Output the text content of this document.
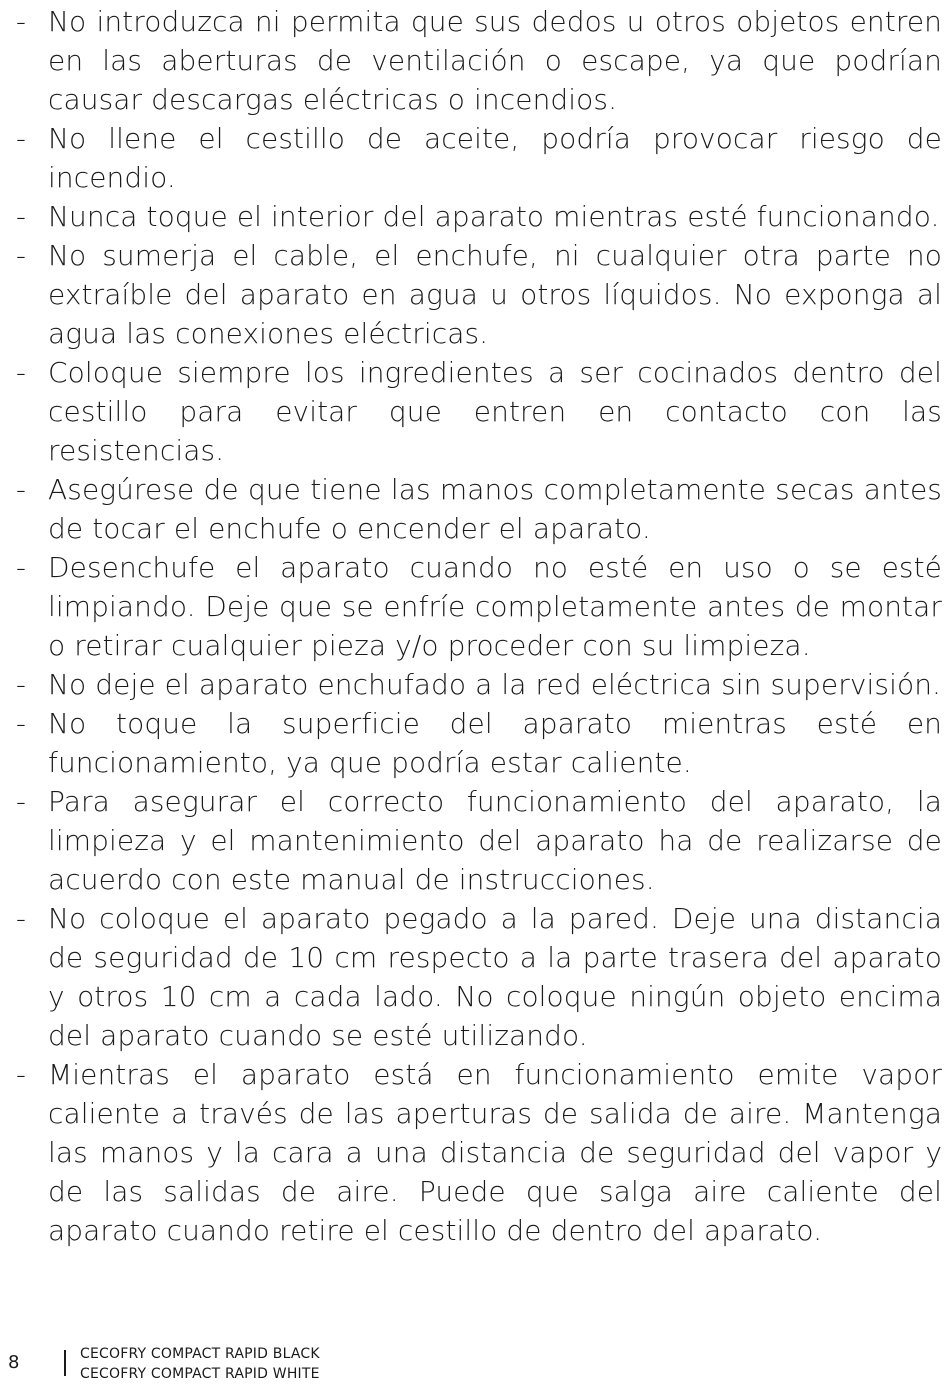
- No introduzca ni permita que sus dedos u otros objetos entren en las aberturas de ventilación o escape, ya que podrían causar descargas eléctricas o incendios.
- No llene el cestillo de aceite, podría provocar riesgo de incendio.
- Nunca toque el interior del aparato mientras esté funcionando.
- No sumerja el cable, el enchufe, ni cualquier otra parte no extraíble del aparato en agua u otros líquidos. No exponga al agua las conexiones eléctricas.
- Coloque siempre los ingredientes a ser cocinados dentro del cestillo para evitar que entren en contacto con las resistencias.
- Asegúrese de que tiene las manos completamente secas antes de tocar el enchufe o encender el aparato.
- Desenchufe el aparato cuando no esté en uso o se esté limpiando. Deje que se enfríe completamente antes de montar o retirar cualquier pieza y/o proceder con su limpieza.
- No deje el aparato enchufado a la red eléctrica sin supervisión.
- No toque la superficie del aparato mientras esté en funcionamiento, ya que podría estar caliente.
- Para asegurar el correcto funcionamiento del aparato, la limpieza y el mantenimiento del aparato ha de realizarse de acuerdo con este manual de instrucciones.
- No coloque el aparato pegado a la pared. Deje una distancia de seguridad de 10 cm respecto a la parte trasera del aparato y otros 10 cm a cada lado. No coloque ningún objeto encima del aparato cuando se esté utilizando.
- Mientras el aparato está en funcionamiento emite vapor caliente a través de las aperturas de salida de aire. Mantenga las manos y la cara a una distancia de seguridad del vapor y de las salidas de aire. Puede que salga aire caliente del aparato cuando retire el cestillo de dentro del aparato.
8	CECOFRY COMPACT RAPID BLACK
CECOFRY COMPACT RAPID WHITE
